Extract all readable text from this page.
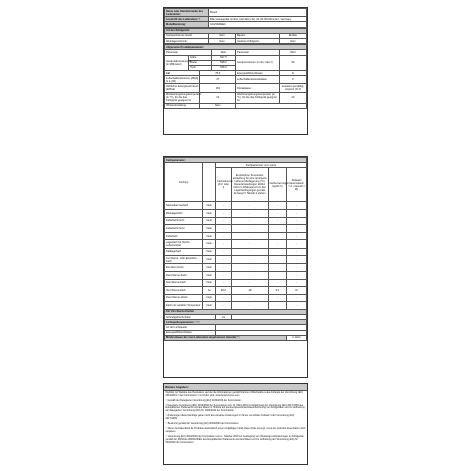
Name oder Handelsmarke des Lieferanten:	Bosch
Anschrift des Lieferanten ¹⁾:	BSH Hausgeräte GmbH, Carl-Wery-Str. 34, 81739 München, Germany
Modellkennung:	GAV33WEEC
Art des Kühlgeräts:			
Geräuscharmes Gerät:	Nein	Bauart:	Einbau
Weinlagerschrank:	Nein	Anderes Kühlgerät:	Nein
Allgemeine Produktparameter:					
Parameter			Wert	Parameter	Wert
Gesamtabmessungen (in Millimeter)	Höhe		817.5	Gesamtvolumen (in dm³ oder l)	96
	Breite		598.0		
	Tiefe		548.0		
EEI		75.5		Energieeffizienzklasse	E
Luftschallemissionen (dB(A) re 1 pW)		37		Luftschallemissionsklasse	C
Jährlicher Energieverbrauch (kWh/a)		163		Klimaklasse:	erweitert gemäßigt, tropisch (N-T)
Mindestumgebungstemperatur (in °C), für die das Kühlgerät geeignet ist		10		Höchstumgebungstemperatur (in °C), für die das Kühlgerät geeignet ist	43
Wintereinstellung		Nein			
Fachparameter:					
Fachtyp		Fachparameter und -werte			
		Fachvolumen (dm³ oder l)	Empfohlene Temperatur einstellung für eine optimierte Lebensmittellagerung (°C) Diese Einstellungen dürfen nicht im Widerspruch zu den Lagerbedingungen gemäß Anhang IV Tabelle 3 stehen	Gefriervermögen (kg/24 h)	Abtauart (automatisch = A, manuell = M)
Speisekammerfach	Nein	-	-	-	-
Weinlagerfach	Nein	-	-	-	-
Kellerfach/-teil 1	Nein	-	-	-	-
Kellerfach/-teil 2	Nein	-	-	-	-
Kellerfach	Nein	-	-	-	-
Lagerfach für frische Lebensmittel	Nein	-	-	-	-
Kaltlagerfach	Nein	-	-	-	-
0-2-Sterne- oder Eiswürfel-Fach	Nein	-	-	-	-
Ein-Stern-Fach	Nein	-	-	-	-
Zwei-Sterne-Fach	Nein	-	-	-	-
Drei-Sterne-Fach	Nein	-	-	-	-
Vier-Sterne-Fach	Ja	96.0	-18	9.0	M
Zwei-Sterne-Abteil	Nein	-	-	-	-
Fach mit variabler Temperatur	Nein	-	-	-	-
Für Vier-Sterne-Fächer					
Schnellgefrierfunktion		Ja			
Lichtquellenparameter ⁴⁾ ⁵⁾:					
Art der Lichtquelle					
Energieeffizienzklasse					
Mindestdauer der vom Lieferanten angebotenen Garantie ²⁾:					2 Jahre
Weitere Angaben:

Weblink zur Website des Herstellers, auf der die Informationen gemäß Nummer 4 Buchstabe a des Anhangs der Verordnung (EU) 2019/2019 ²⁾ der Kommission ³⁾ zu finden sind: www.bosch-home.com

¹⁾ Gemäß der Delegierten Verordnung (EU) 2019/2016 der Kommission.

²⁾ Delegierte Verordnung (EU) 2019/2016 der Kommission vom 11. März 2019 zur Ergänzung der Verordnung (EU) 2017/1369 des Europäischen Parlaments und des Rates im Hinblick auf die Energieverbrauchskennzeichnung von Kühlgeräten und zur Aufhebung der Delegierten Verordnung (EU) Nr. 1060/2010 der Kommission.

³⁾ Änderungen dieser Einträge gelten nicht als relevante Änderungen im Sinne von Artikel 4 Absatz 4 der Verordnung (EU) 2017/1369.

⁴⁾ Bestimmt gemäß der Verordnung (EU) 2019/2020 der Kommission.

⁵⁾ Wenn die Datenbank für Produkte automatisch einen endgültigen Inhalt dieser Zeile erzeugt, muss der Lieferant diese Daten nicht eingeben.

⁶⁾ Verordnung (EU) 2019/2019 der Kommission vom 1. Oktober 2019 zur Festlegung von Ökodesign-Anforderungen an Kühlgeräte gemäß der Richtlinie 2009/125/EG des Europäischen Parlaments und des Rates und zur Aufhebung der Verordnung (EG) Nr. 643/2009 der Kommission.
